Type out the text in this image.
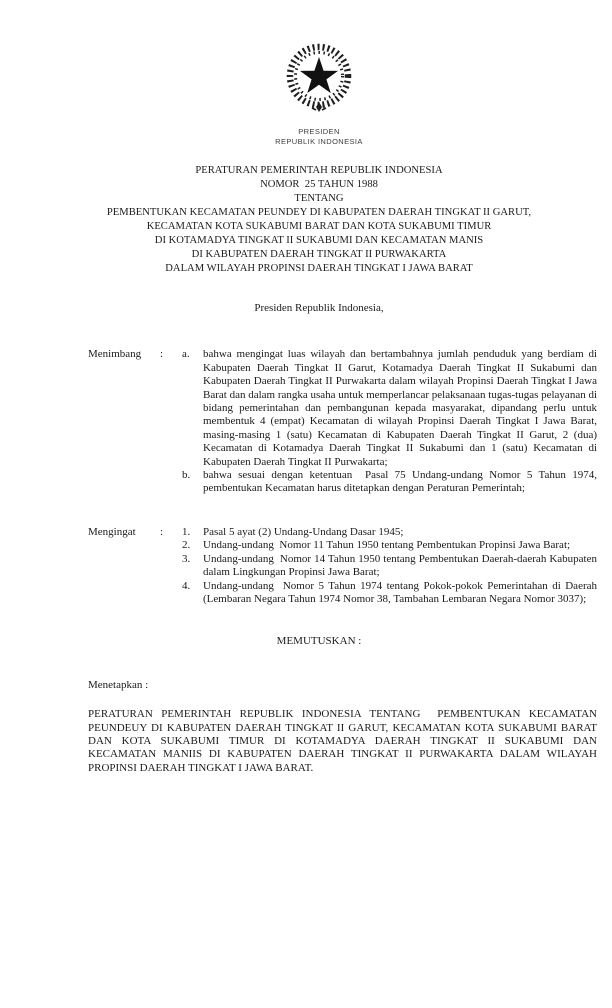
PRESIDEN
REPUBLIK INDONESIA
PERATURAN PEMERINTAH REPUBLIK INDONESIA
NOMOR  25 TAHUN 1988
TENTANG
PEMBENTUKAN KECAMATAN PEUNDEY DI KABUPATEN DAERAH TINGKAT II GARUT,
KECAMATAN KOTA SUKABUMI BARAT DAN KOTA SUKABUMI TIMUR
DI KOTAMADYA TINGKAT II SUKABUMI DAN KECAMATAN MANIS
DI KABUPATEN DAERAH TINGKAT II PURWAKARTA
DALAM WILAYAH PROPINSI DAERAH TINGKAT I JAWA BARAT
Presiden Republik Indonesia,
Menimbang	:	a.	bahwa mengingat luas wilayah dan bertambahnya jumlah penduduk yang berdiam di Kabupaten Daerah Tingkat II Garut, Kotamadya Daerah Tingkat II Sukabumi dan Kabupaten Daerah Tingkat II Purwakarta dalam wilayah Propinsi Daerah Tingkat I Jawa Barat dan dalam rangka usaha untuk memperlancar pelaksanaan tugas-tugas pelayanan di bidang pemerintahan dan pembangunan kepada masyarakat, dipandang perlu untuk membentuk 4 (empat) Kecamatan di wilayah Propinsi Daerah Tingkat I Jawa Barat, masing-masing 1 (satu) Kecamatan di Kabupaten Daerah Tingkat II Garut, 2 (dua) Kecamatan di Kotamadya Daerah Tingkat II Sukabumi dan 1 (satu) Kecamatan di Kabupaten Daerah Tingkat II Purwakarta;
b.	bahwa sesuai dengan ketentuan  Pasal 75 Undang-undang Nomor 5 Tahun 1974, pembentukan Kecamatan harus ditetapkan dengan Peraturan Pemerintah;
Mengingat	:	1.	Pasal 5 ayat (2) Undang-Undang Dasar 1945;
2.	Undang-undang  Nomor 11 Tahun 1950 tentang Pembentukan Propinsi Jawa Barat;
3.	Undang-undang  Nomor 14 Tahun 1950 tentang Pembentukan Daerah-daerah Kabupaten dalam Lingkungan Propinsi Jawa Barat;
4.	Undang-undang  Nomor 5 Tahun 1974 tentang Pokok-pokok Pemerintahan di Daerah (Lembaran Negara Tahun 1974 Nomor 38, Tambahan Lembaran Negara Nomor 3037);
MEMUTUSKAN :
Menetapkan :
PERATURAN PEMERINTAH REPUBLIK INDONESIA TENTANG  PEMBENTUKAN KECAMATAN PEUNDEUY DI KABUPATEN DAERAH TINGKAT II GARUT, KECAMATAN KOTA SUKABUMI BARAT DAN KOTA SUKABUMI TIMUR DI KOTAMADYA DAERAH TINGKAT II SUKABUMI DAN KECAMATAN MANIIS DI KABUPATEN DAERAH TINGKAT II PURWAKARTA DALAM WILAYAH PROPINSI DAERAH TINGKAT I JAWA BARAT.
